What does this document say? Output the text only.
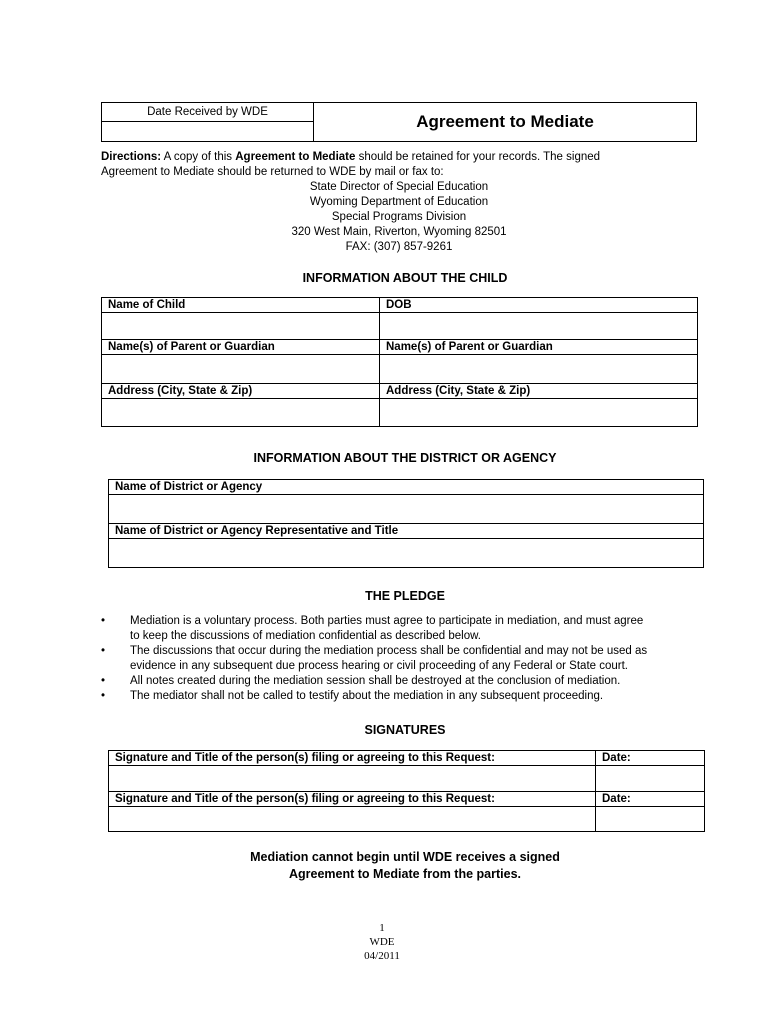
Date Received by WDE	Agreement to Mediate
Directions: A copy of this Agreement to Mediate should be retained for your records. The signed
Agreement to Mediate should be returned to WDE by mail or fax to:
State Director of Special Education
Wyoming Department of Education
Special Programs Division
320 West Main, Riverton, Wyoming 82501
FAX: (307) 857-9261
INFORMATION ABOUT THE CHILD
Name of Child	DOB

Name(s) of Parent or Guardian	Name(s) of Parent or Guardian

Address (City, State & Zip)	Address (City, State & Zip)

INFORMATION ABOUT THE DISTRICT OR AGENCY
Name of District or Agency

Name of District or Agency Representative and Title

THE PLEDGE
• Mediation is a voluntary process. Both parties must agree to participate in mediation, and must agree
to keep the discussions of mediation confidential as described below.
• The discussions that occur during the mediation process shall be confidential and may not be used as
evidence in any subsequent due process hearing or civil proceeding of any Federal or State court.
• All notes created during the mediation session shall be destroyed at the conclusion of mediation.
• The mediator shall not be called to testify about the mediation in any subsequent proceeding.
SIGNATURES
Signature and Title of the person(s) filing or agreeing to this Request:	Date:

Signature and Title of the person(s) filing or agreeing to this Request:	Date:

Mediation cannot begin until WDE receives a signed
Agreement to Mediate from the parties.
1
WDE
04/2011
